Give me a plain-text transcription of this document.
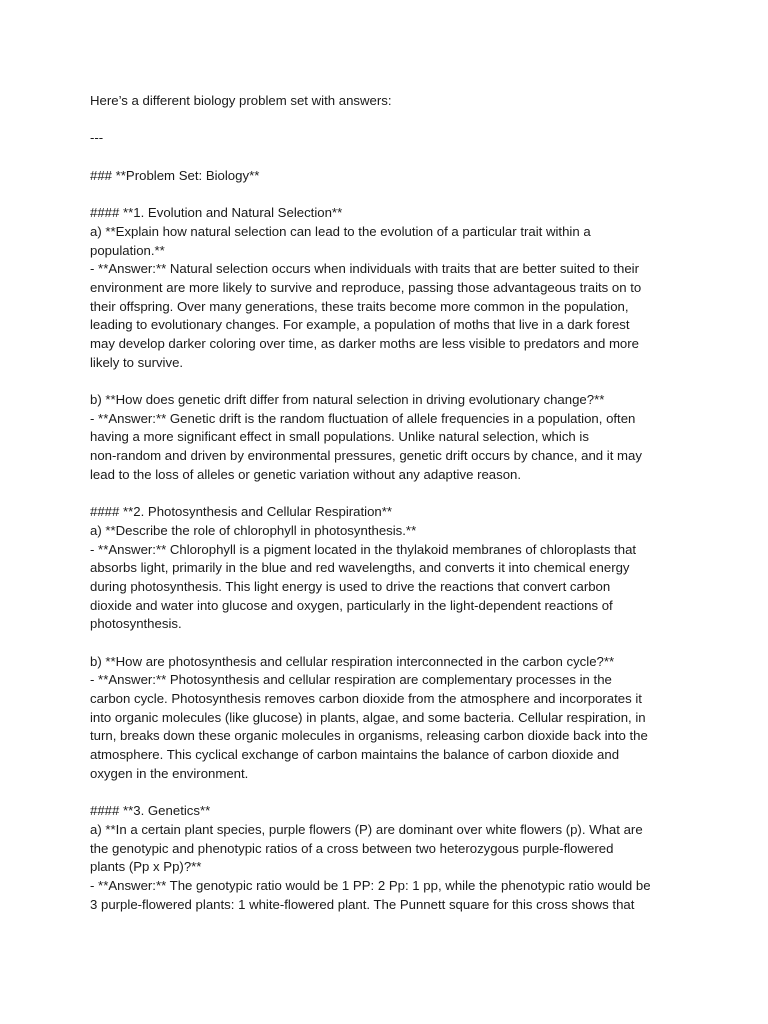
Here’s a different biology problem set with answers:
---
### **Problem Set: Biology**
#### **1. Evolution and Natural Selection**
a) **Explain how natural selection can lead to the evolution of a particular trait within a
population.**
- **Answer:** Natural selection occurs when individuals with traits that are better suited to their
environment are more likely to survive and reproduce, passing those advantageous traits on to
their offspring. Over many generations, these traits become more common in the population,
leading to evolutionary changes. For example, a population of moths that live in a dark forest
may develop darker coloring over time, as darker moths are less visible to predators and more
likely to survive.
b) **How does genetic drift differ from natural selection in driving evolutionary change?**
- **Answer:** Genetic drift is the random fluctuation of allele frequencies in a population, often
having a more significant effect in small populations. Unlike natural selection, which is
non-random and driven by environmental pressures, genetic drift occurs by chance, and it may
lead to the loss of alleles or genetic variation without any adaptive reason.
#### **2. Photosynthesis and Cellular Respiration**
a) **Describe the role of chlorophyll in photosynthesis.**
- **Answer:** Chlorophyll is a pigment located in the thylakoid membranes of chloroplasts that
absorbs light, primarily in the blue and red wavelengths, and converts it into chemical energy
during photosynthesis. This light energy is used to drive the reactions that convert carbon
dioxide and water into glucose and oxygen, particularly in the light-dependent reactions of
photosynthesis.
b) **How are photosynthesis and cellular respiration interconnected in the carbon cycle?**
- **Answer:** Photosynthesis and cellular respiration are complementary processes in the
carbon cycle. Photosynthesis removes carbon dioxide from the atmosphere and incorporates it
into organic molecules (like glucose) in plants, algae, and some bacteria. Cellular respiration, in
turn, breaks down these organic molecules in organisms, releasing carbon dioxide back into the
atmosphere. This cyclical exchange of carbon maintains the balance of carbon dioxide and
oxygen in the environment.
#### **3. Genetics**
a) **In a certain plant species, purple flowers (P) are dominant over white flowers (p). What are
the genotypic and phenotypic ratios of a cross between two heterozygous purple-flowered
plants (Pp x Pp)?**
- **Answer:** The genotypic ratio would be 1 PP: 2 Pp: 1 pp, while the phenotypic ratio would be
3 purple-flowered plants: 1 white-flowered plant. The Punnett square for this cross shows that
